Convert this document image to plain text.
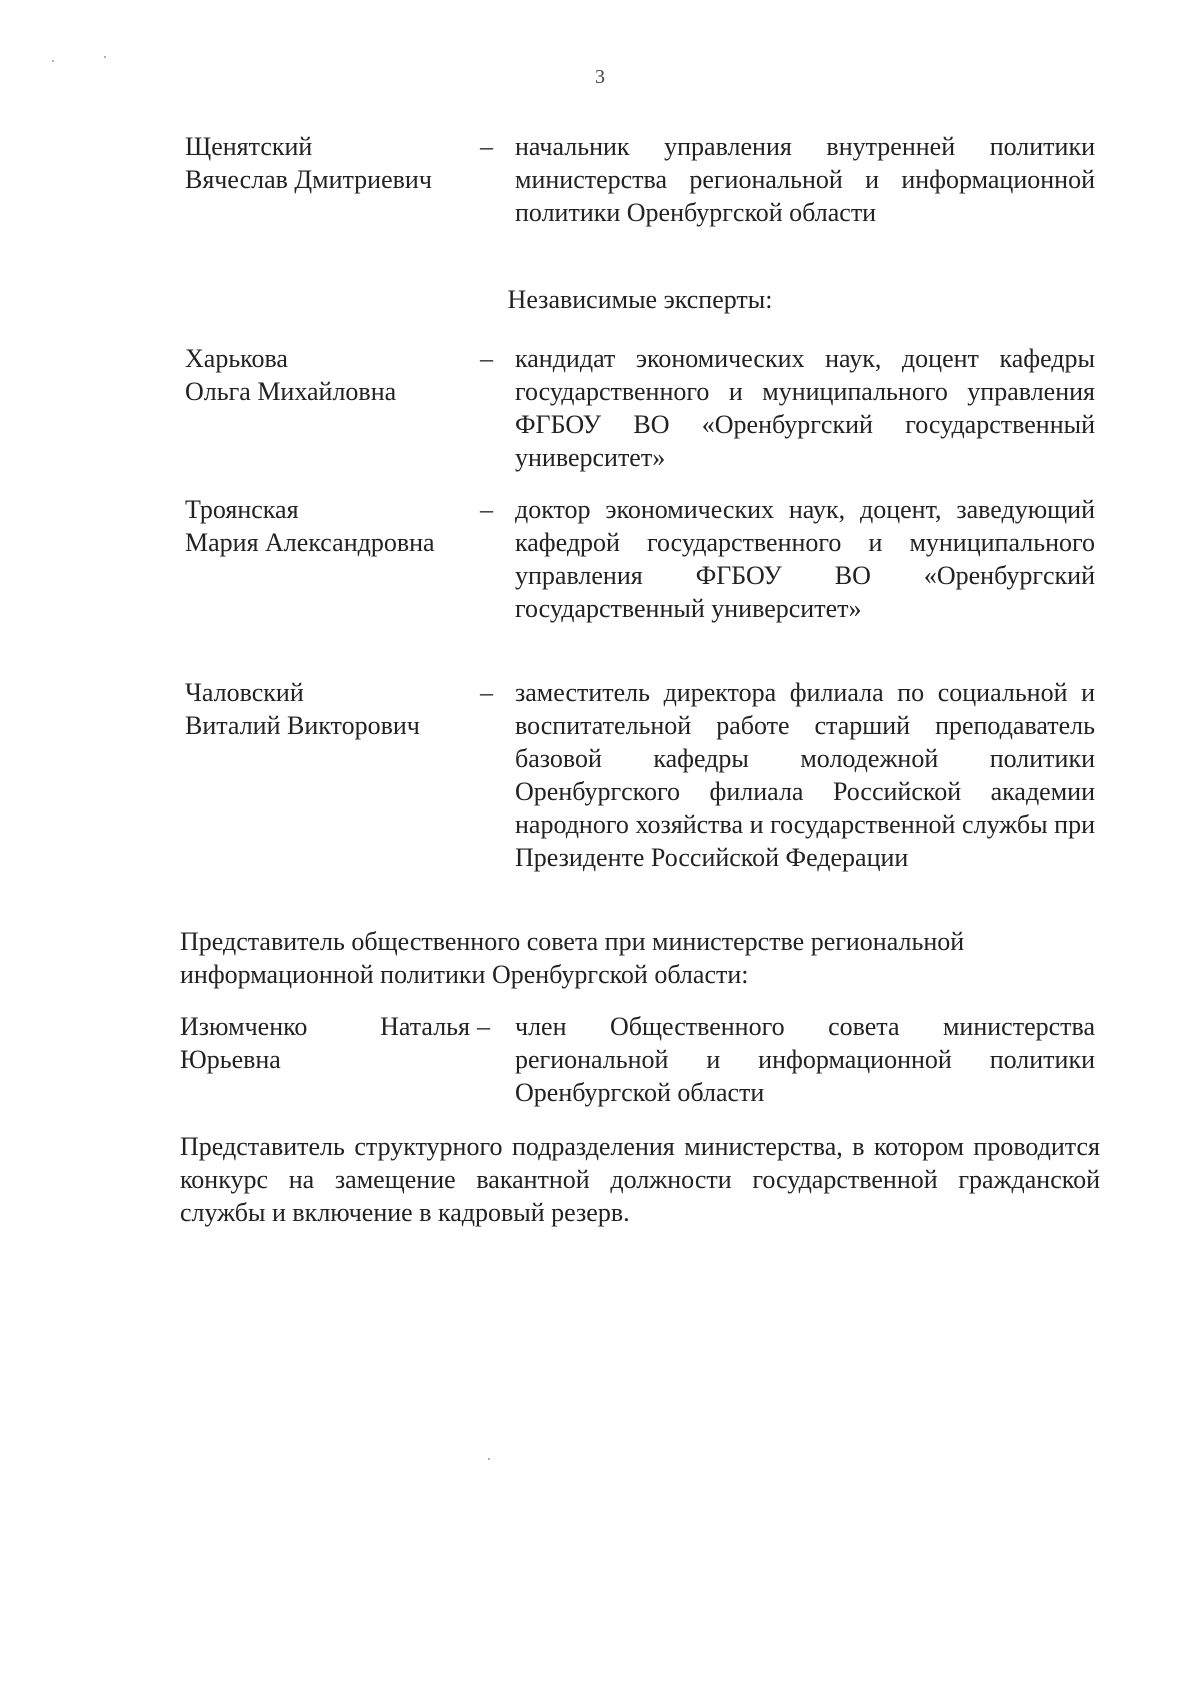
3
Щенятский
Вячеслав Дмитриевич
– начальник управления внутренней политики министерства региональной и информационной политики Оренбургской области
Независимые эксперты:
Харькова
Ольга Михайловна
– кандидат экономических наук, доцент кафедры государственного и муниципального управления ФГБОУ ВО «Оренбургский государственный университет»
Троянская
Мария Александровна
– доктор экономических наук, доцент, заведующий кафедрой государственного и муниципального управления ФГБОУ ВО «Оренбургский государственный университет»
Чаловский
Виталий Викторович
– заместитель директора филиала по социальной и воспитательной работе старший преподаватель базовой кафедры молодежной политики Оренбургского филиала Российской академии народного хозяйства и государственной службы при Президенте Российской Федерации
Представитель общественного совета при министерстве региональной информационной политики Оренбургской области:
Изюмченко	Наталья
Юрьевна
– член Общественного совета министерства региональной и информационной политики Оренбургской области
Представитель структурного подразделения министерства, в котором проводится конкурс на замещение вакантной должности государственной гражданской службы и включение в кадровый резерв.
